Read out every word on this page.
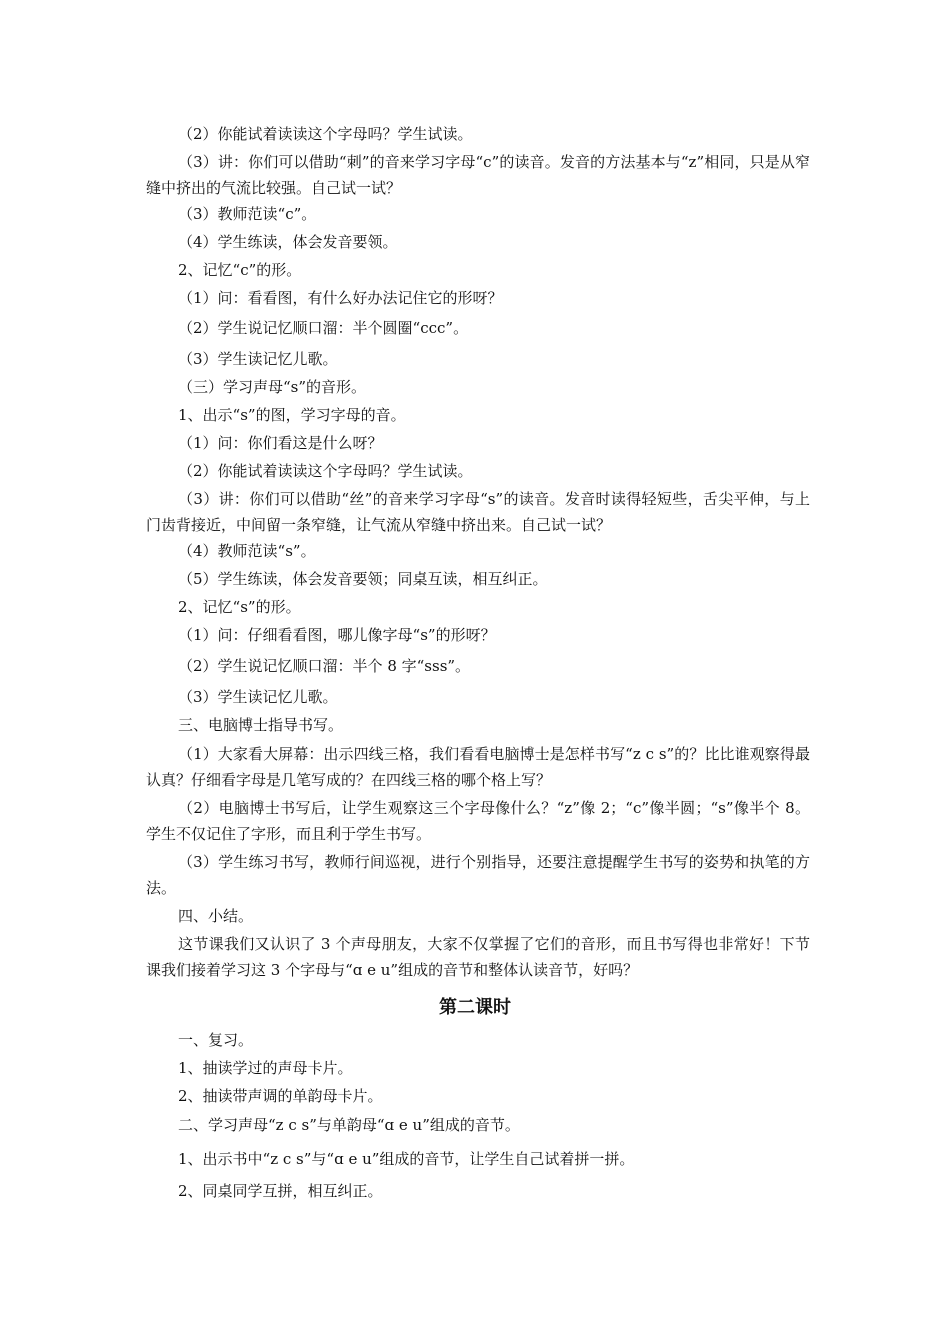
（2）你能试着读读这个字母吗？学生试读。

（3）讲：你们可以借助“刺”的音来学习字母“c”的读音。发音的方法基本与“z”相同，只是从窄缝中挤出的气流比较强。自己试一试？

（3）教师范读“c”。

（4）学生练读，体会发音要领。

2、记忆“c”的形。

（1）问：看看图，有什么好办法记住它的形呀？

（2）学生说记忆顺口溜：半个圆圈“ccc”。

（3）学生读记忆儿歌。

（三）学习声母“s”的音形。

1、出示“s”的图，学习字母的音。

（1）问：你们看这是什么呀？

（2）你能试着读读这个字母吗？学生试读。

（3）讲：你们可以借助“丝”的音来学习字母“s”的读音。发音时读得轻短些，舌尖平伸，与上门齿背接近，中间留一条窄缝，让气流从窄缝中挤出来。自己试一试？

（4）教师范读“s”。

（5）学生练读，体会发音要领；同桌互读，相互纠正。

2、记忆“s”的形。

（1）问：仔细看看图，哪儿像字母“s”的形呀？

（2）学生说记忆顺口溜：半个 8 字“sss”。

（3）学生读记忆儿歌。

三、电脑博士指导书写。

（1）大家看大屏幕：出示四线三格，我们看看电脑博士是怎样书写“z c s”的？比比谁观察得最认真？仔细看字母是几笔写成的？在四线三格的哪个格上写？

（2）电脑博士书写后，让学生观察这三个字母像什么？“z”像 2；“c”像半圆；“s”像半个 8。学生不仅记住了字形，而且利于学生书写。

（3）学生练习书写，教师行间巡视，进行个别指导，还要注意提醒学生书写的姿势和执笔的方法。

四、小结。

这节课我们又认识了 3 个声母朋友，大家不仅掌握了它们的音形，而且书写得也非常好！下节课我们接着学习这 3 个字母与“ɑ e u”组成的音节和整体认读音节，好吗？

第二课时

一、复习。

1、抽读学过的声母卡片。

2、抽读带声调的单韵母卡片。

二、学习声母“z c s”与单韵母“ɑ e u”组成的音节。

1、出示书中“z c s”与“ɑ e u”组成的音节，让学生自己试着拼一拼。

2、同桌同学互拼，相互纠正。
